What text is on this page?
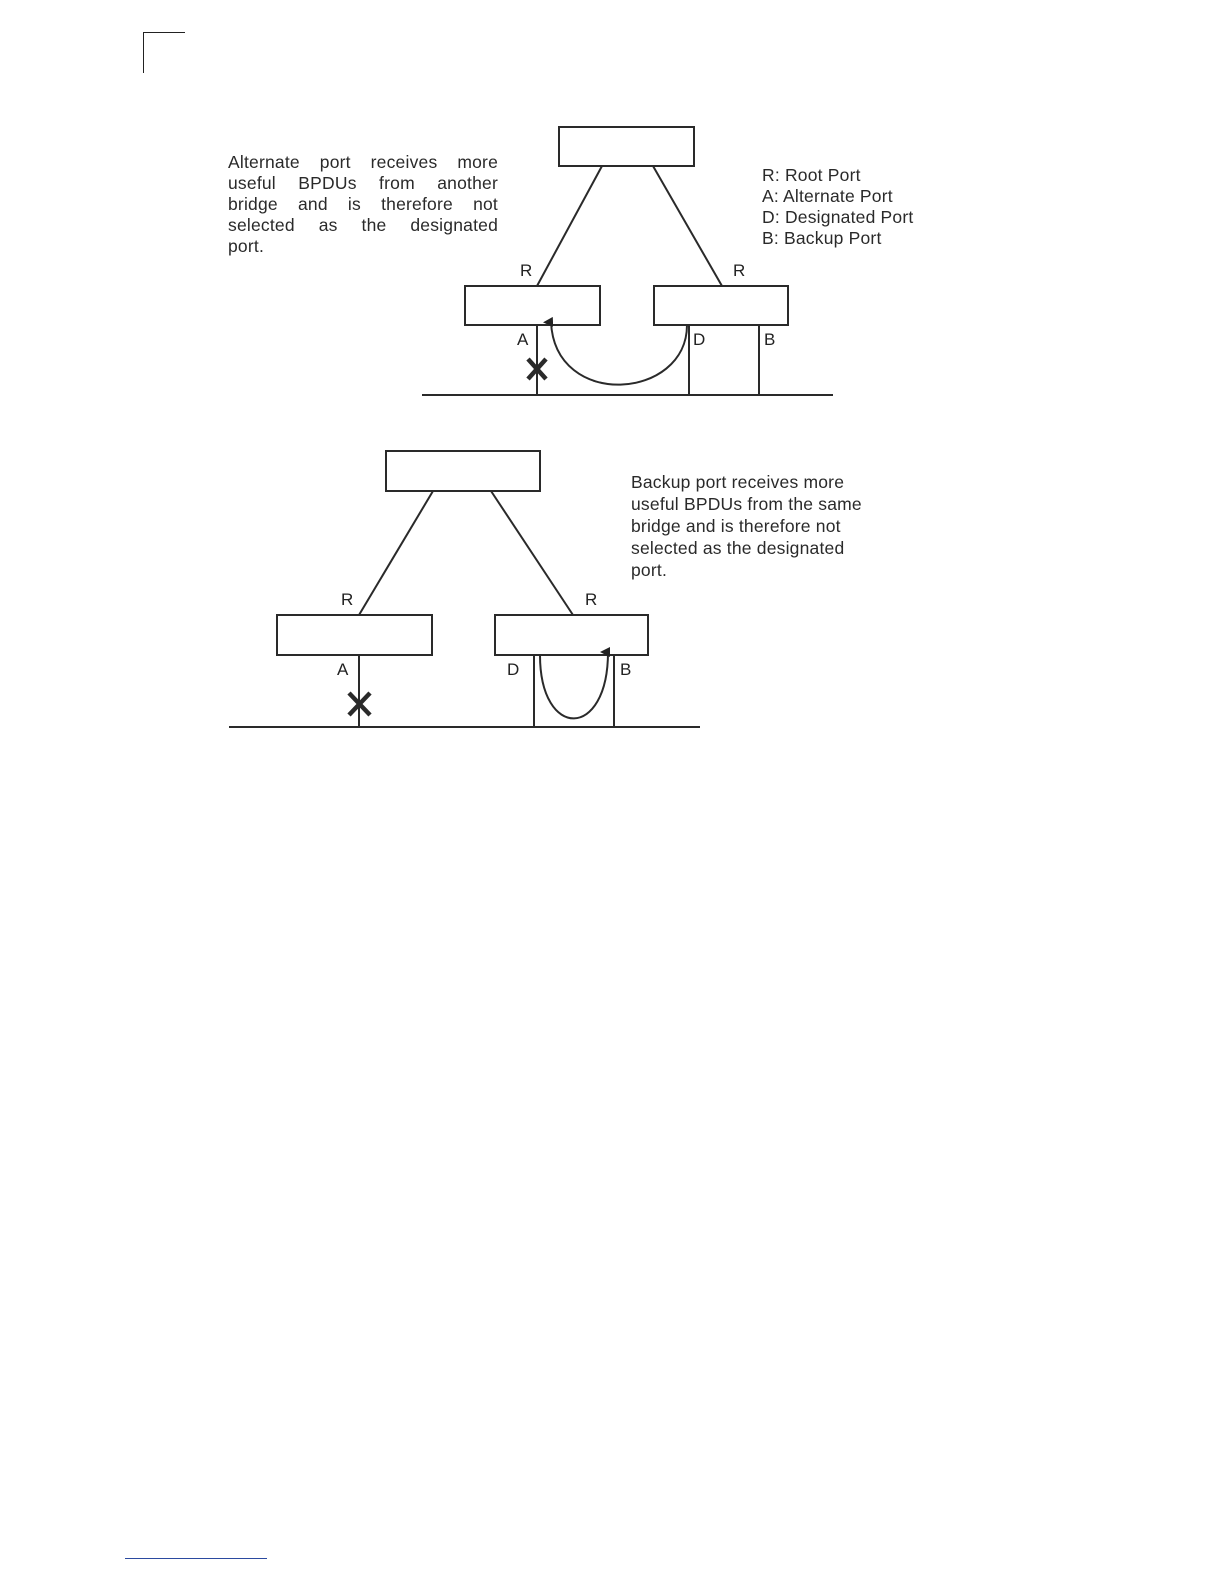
Alternate port receives more
useful BPDUs from another
bridge and is therefore not
selected as the designated
port.
R: Root Port
A: Alternate Port
D: Designated Port
B: Backup Port
Backup port receives more
useful BPDUs from the same
bridge and is therefore not
selected as the designated
port.
R	R
A	D	B
R	R
A	D	B
